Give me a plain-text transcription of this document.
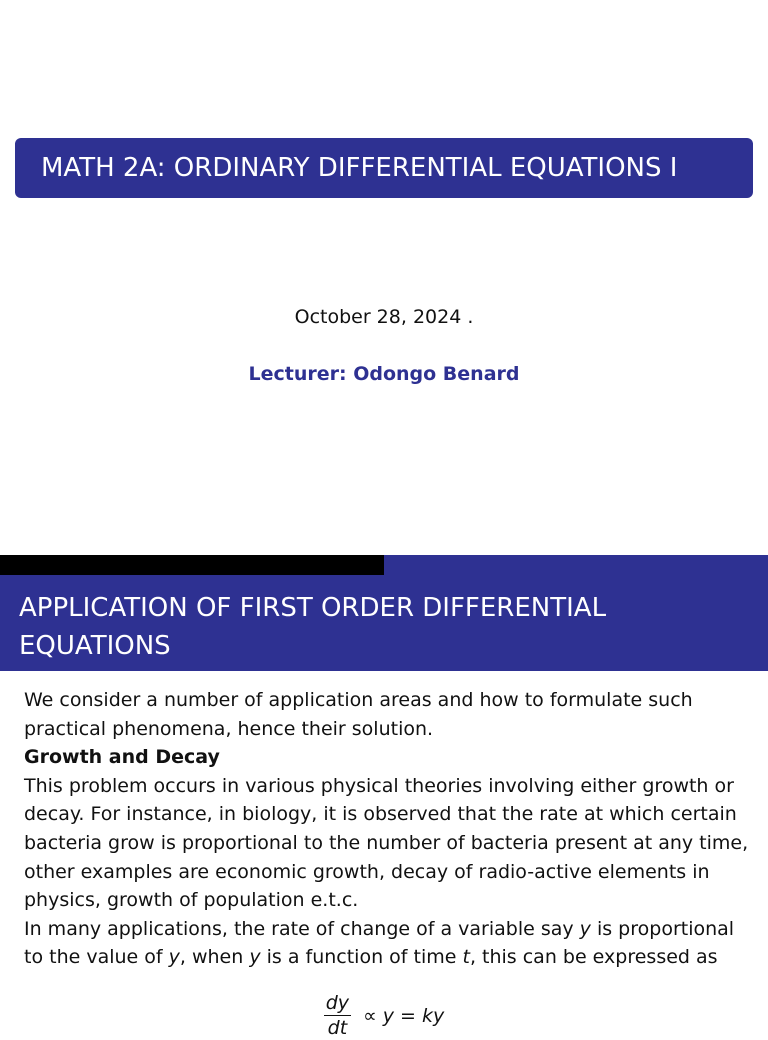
MATH 2A: ORDINARY DIFFERENTIAL EQUATIONS I
October 28, 2024 .
Lecturer: Odongo Benard
APPLICATION OF FIRST ORDER DIFFERENTIAL EQUATIONS

We consider a number of application areas and how to formulate such practical phenomena, hence their solution.

Growth and Decay

This problem occurs in various physical theories involving either growth or decay. For instance, in biology, it is observed that the rate at which certain bacteria grow is proportional to the number of bacteria present at any time, other examples are economic growth, decay of radio-active elements in physics, growth of population e.t.c.

In many applications, the rate of change of a variable say y is proportional to the value of y, when y is a function of time t, this can be expressed as

$\frac{dy}{dt} \propto y$ = ky
